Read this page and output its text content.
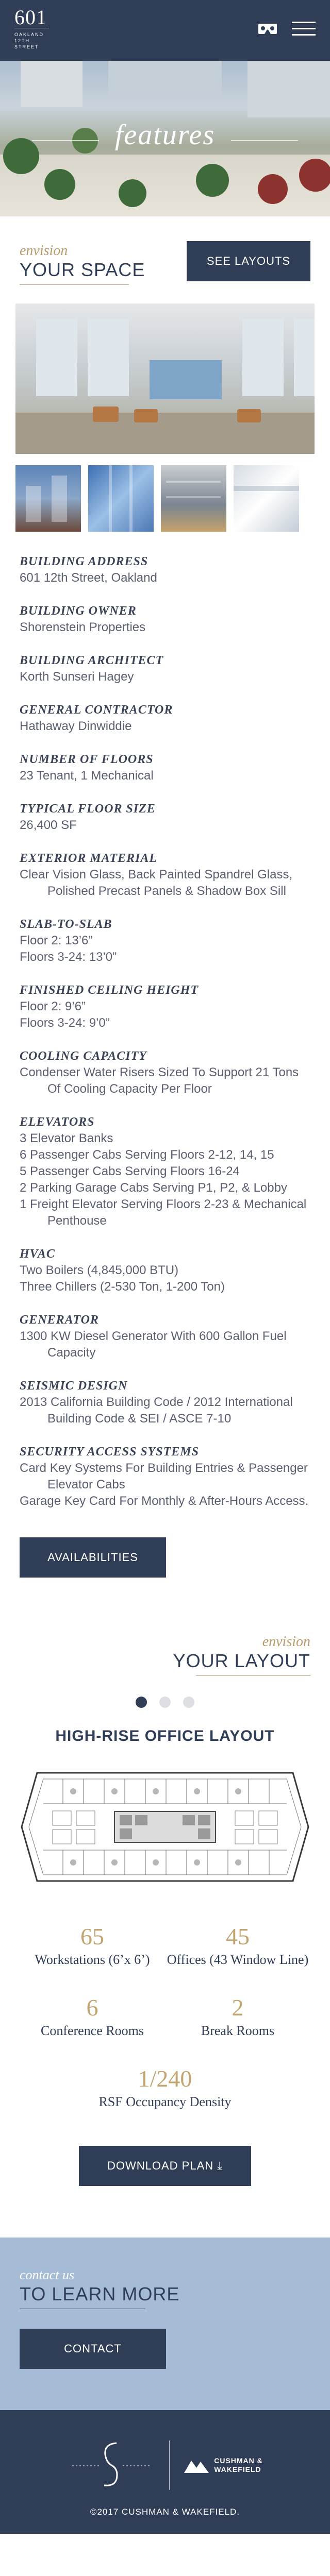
601
OAKLAND
12TH STREET
features
envision
YOUR SPACE	SEE LAYOUTS
BUILDING ADDRESS
601 12th Street, Oakland
BUILDING OWNER
Shorenstein Properties
BUILDING ARCHITECT
Korth Sunseri Hagey
GENERAL CONTRACTOR
Hathaway Dinwiddie
NUMBER OF FLOORS
23 Tenant, 1 Mechanical
TYPICAL FLOOR SIZE
26,400 SF
EXTERIOR MATERIAL
Clear Vision Glass, Back Painted Spandrel Glass, Polished Precast Panels & Shadow Box Sill
SLAB-TO-SLAB
Floor 2: 13’6”
Floors 3-24: 13’0”
FINISHED CEILING HEIGHT
Floor 2: 9’6”
Floors 3-24: 9’0”
COOLING CAPACITY
Condenser Water Risers Sized To Support 21 Tons Of Cooling Capacity Per Floor
ELEVATORS
3 Elevator Banks
6 Passenger Cabs Serving Floors 2-12, 14, 15
5 Passenger Cabs Serving Floors 16-24
2 Parking Garage Cabs Serving P1, P2, & Lobby
1 Freight Elevator Serving Floors 2-23 & Mechanical Penthouse
HVAC
Two Boilers (4,845,000 BTU)
Three Chillers (2-530 Ton, 1-200 Ton)
GENERATOR
1300 KW Diesel Generator With 600 Gallon Fuel Capacity
SEISMIC DESIGN
2013 California Building Code / 2012 International Building Code & SEI / ASCE 7-10
SECURITY ACCESS SYSTEMS
Card Key Systems For Building Entries & Passenger Elevator Cabs
Garage Key Card For Monthly & After-Hours Access.
AVAILABILITIES
envision
YOUR LAYOUT
HIGH-RISE OFFICE LAYOUT
65
Workstations (6’x 6’)
45
Offices (43 Window Line)
6
Conference Rooms
2
Break Rooms
1/240
RSF Occupancy Density
DOWNLOAD PLAN ⤓
contact us
TO LEARN MORE
CONTACT
CUSHMAN &
WAKEFIELD
©2017 CUSHMAN & WAKEFIELD.
